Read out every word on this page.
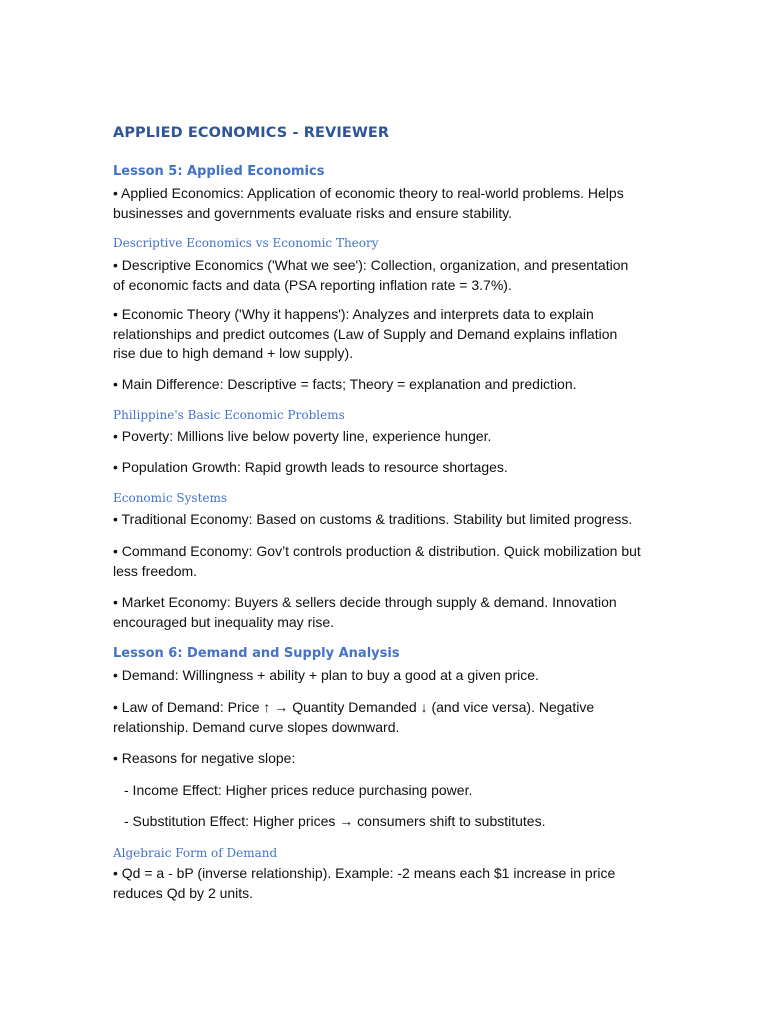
APPLIED ECONOMICS - REVIEWER
Lesson 5: Applied Economics

• Applied Economics: Application of economic theory to real-world problems. Helps businesses and governments evaluate risks and ensure stability.

Descriptive Economics vs Economic Theory

• Descriptive Economics ('What we see'): Collection, organization, and presentation of economic facts and data (PSA reporting inflation rate = 3.7%).

• Economic Theory ('Why it happens'): Analyzes and interprets data to explain relationships and predict outcomes (Law of Supply and Demand explains inflation rise due to high demand + low supply).

• Main Difference: Descriptive = facts; Theory = explanation and prediction.

Philippine's Basic Economic Problems

• Poverty: Millions live below poverty line, experience hunger.

• Population Growth: Rapid growth leads to resource shortages.

Economic Systems

• Traditional Economy: Based on customs & traditions. Stability but limited progress.

• Command Economy: Gov’t controls production & distribution. Quick mobilization but less freedom.

• Market Economy: Buyers & sellers decide through supply & demand. Innovation encouraged but inequality may rise.

Lesson 6: Demand and Supply Analysis

• Demand: Willingness + ability + plan to buy a good at a given price.

• Law of Demand: Price ↑ → Quantity Demanded ↓ (and vice versa). Negative relationship. Demand curve slopes downward.

• Reasons for negative slope:

- Income Effect: Higher prices reduce purchasing power.

- Substitution Effect: Higher prices → consumers shift to substitutes.

Algebraic Form of Demand

• Qd = a - bP (inverse relationship). Example: -2 means each $1 increase in price reduces Qd by 2 units.
